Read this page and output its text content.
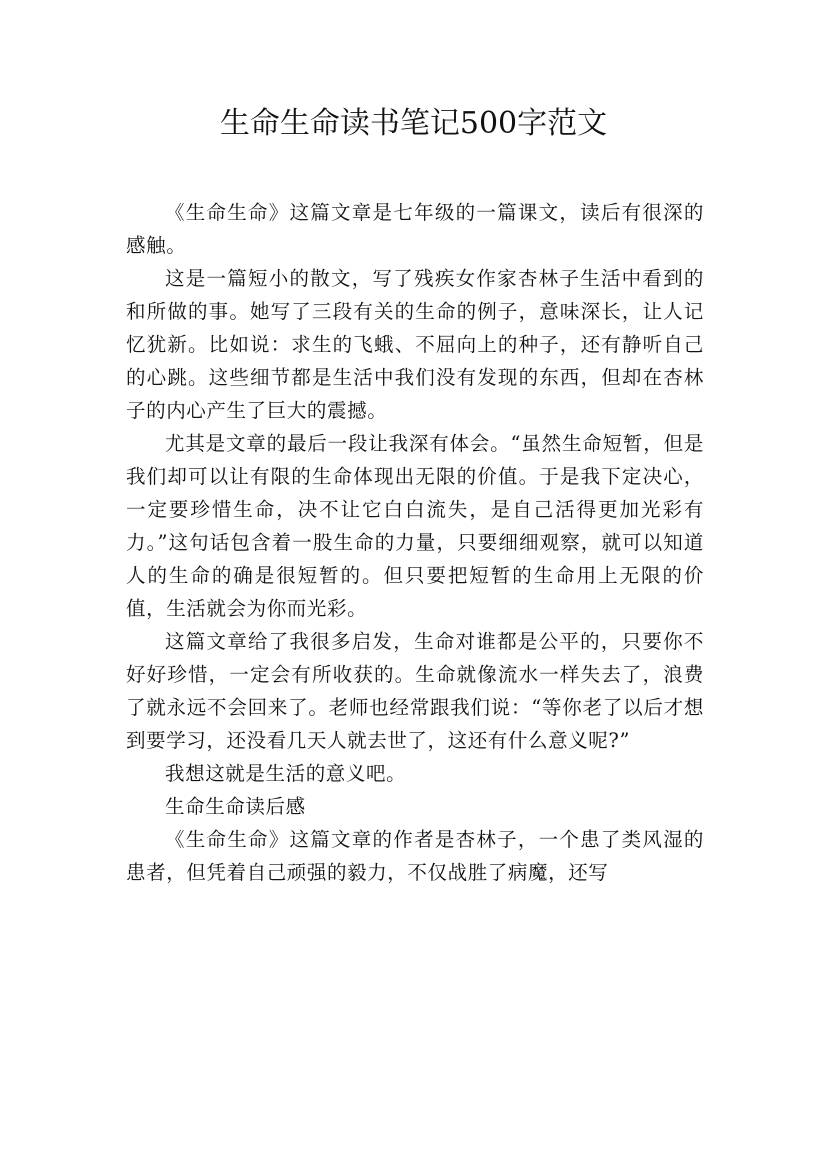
生命生命读书笔记500字范文

《生命生命》这篇文章是七年级的一篇课文，读后有很深的感触。

这是一篇短小的散文，写了残疾女作家杏林子生活中看到的和所做的事。她写了三段有关的生命的例子，意味深长，让人记忆犹新。比如说：求生的飞蛾、不屈向上的种子，还有静听自己的心跳。这些细节都是生活中我们没有发现的东西，但却在杏林子的内心产生了巨大的震撼。

尤其是文章的最后一段让我深有体会。“虽然生命短暂，但是我们却可以让有限的生命体现出无限的价值。于是我下定决心，一定要珍惜生命，决不让它白白流失，是自己活得更加光彩有力。”这句话包含着一股生命的力量，只要细细观察，就可以知道人的生命的确是很短暂的。但只要把短暂的生命用上无限的价值，生活就会为你而光彩。

这篇文章给了我很多启发，生命对谁都是公平的，只要你不好好珍惜，一定会有所收获的。生命就像流水一样失去了，浪费了就永远不会回来了。老师也经常跟我们说：“等你老了以后才想到要学习，还没看几天人就去世了，这还有什么意义呢?”

我想这就是生活的意义吧。

生命生命读后感

《生命生命》这篇文章的作者是杏林子，一个患了类风湿的患者，但凭着自己顽强的毅力，不仅战胜了病魔，还写
